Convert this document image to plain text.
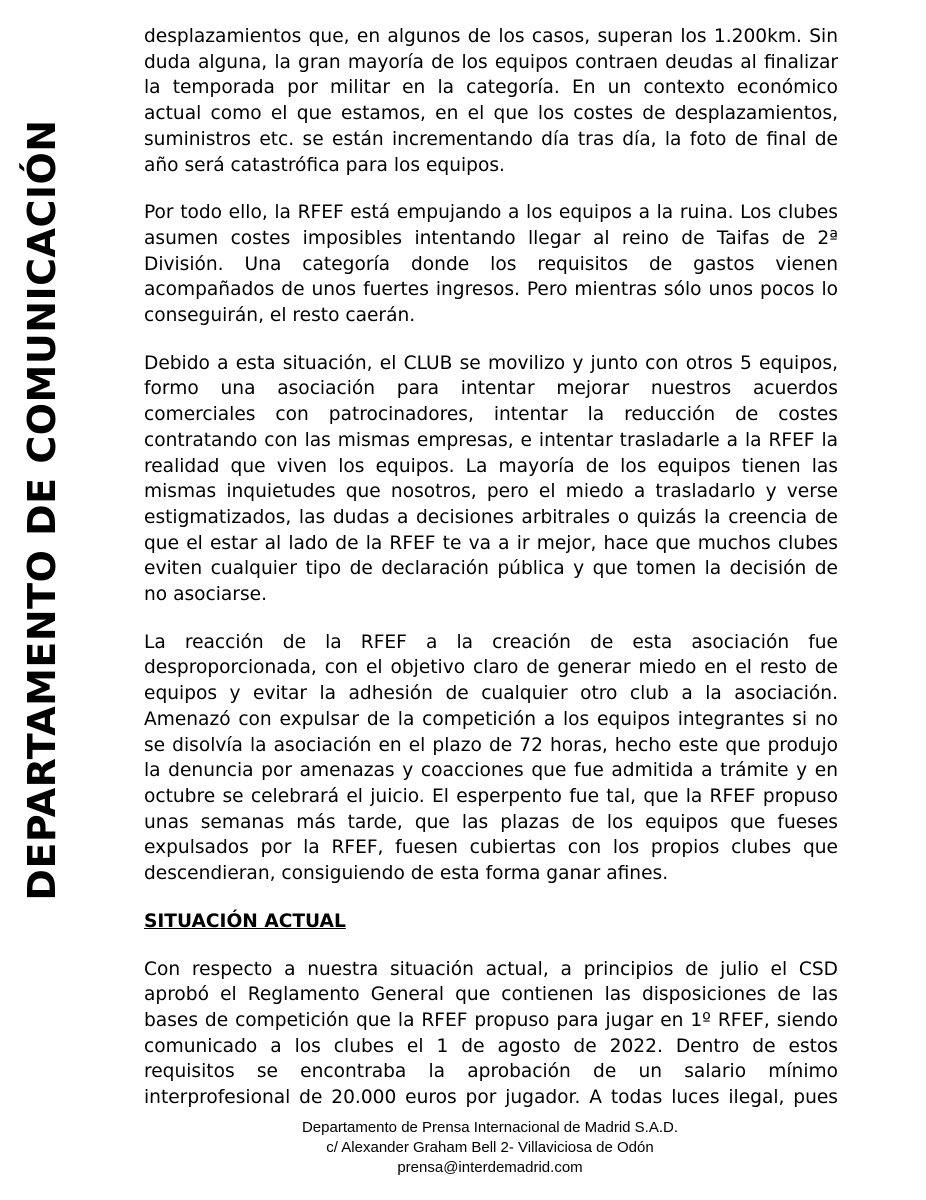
DEPARTAMENTO DE COMUNICACIÓN

desplazamientos que, en algunos de los casos, superan los 1.200km. Sin duda alguna, la gran mayoría de los equipos contraen deudas al finalizar la temporada por militar en la categoría. En un contexto económico actual como el que estamos, en el que los costes de desplazamientos, suministros etc. se están incrementando día tras día, la foto de final de año será catastrófica para los equipos.

Por todo ello, la RFEF está empujando a los equipos a la ruina. Los clubes asumen costes imposibles intentando llegar al reino de Taifas de 2ª División. Una categoría donde los requisitos de gastos vienen acompañados de unos fuertes ingresos. Pero mientras sólo unos pocos lo conseguirán, el resto caerán.

Debido a esta situación, el CLUB se movilizo y junto con otros 5 equipos, formo una asociación para intentar mejorar nuestros acuerdos comerciales con patrocinadores, intentar la reducción de costes contratando con las mismas empresas, e intentar trasladarle a la RFEF la realidad que viven los equipos. La mayoría de los equipos tienen las mismas inquietudes que nosotros, pero el miedo a trasladarlo y verse estigmatizados, las dudas a decisiones arbitrales o quizás la creencia de que el estar al lado de la RFEF te va a ir mejor, hace que muchos clubes eviten cualquier tipo de declaración pública y que tomen la decisión de no asociarse.

La reacción de la RFEF a la creación de esta asociación fue desproporcionada, con el objetivo claro de generar miedo en el resto de equipos y evitar la adhesión de cualquier otro club a la asociación. Amenazó con expulsar de la competición a los equipos integrantes si no se disolvía la asociación en el plazo de 72 horas, hecho este que produjo la denuncia por amenazas y coacciones que fue admitida a trámite y en octubre se celebrará el juicio. El esperpento fue tal, que la RFEF propuso unas semanas más tarde, que las plazas de los equipos que fueses expulsados por la RFEF, fuesen cubiertas con los propios clubes que descendieran, consiguiendo de esta forma ganar afines.

SITUACIÓN ACTUAL

Con respecto a nuestra situación actual, a principios de julio el CSD aprobó el Reglamento General que contienen las disposiciones de las bases de competición que la RFEF propuso para jugar en 1º RFEF, siendo comunicado a los clubes el 1 de agosto de 2022. Dentro de estos requisitos se encontraba la aprobación de un salario mínimo interprofesional de 20.000 euros por jugador. A todas luces ilegal, pues

Departamento de Prensa Internacional de Madrid S.A.D.
c/ Alexander Graham Bell 2- Villaviciosa de Odón
prensa@interdemadrid.com
